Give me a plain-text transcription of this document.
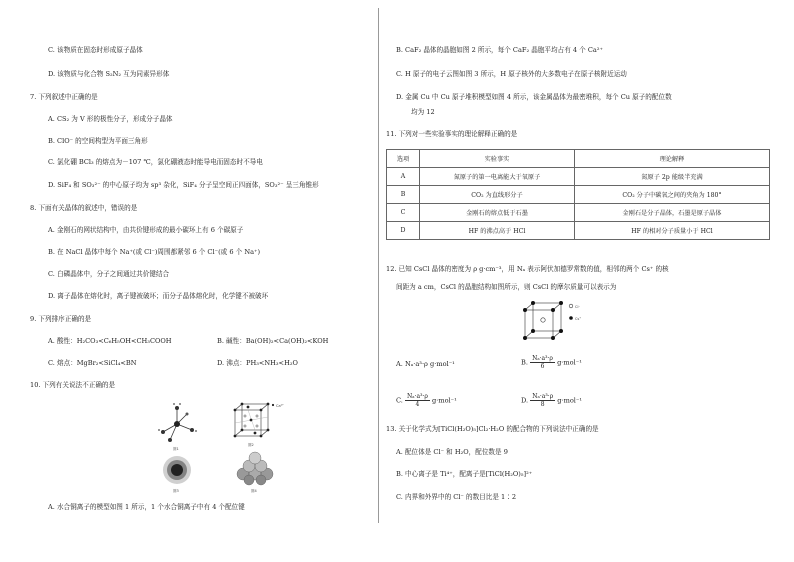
C. 该物质在固态时形成原子晶体
D. 该物质与化合物 S₂N₂ 互为同素异形体
7. 下列叙述中正确的是
A. CS₂ 为 V 形的极性分子，形成分子晶体
B. ClO⁻ 的空间构型为平面三角形
C. 氯化硼 BCl₃ 的熔点为－107 ℃，氯化硼液态时能导电而固态时不导电
D. SiF₄ 和 SO₃²⁻ 的中心原子均为 sp³ 杂化，SiF₄ 分子呈空间正四面体，SO₃²⁻ 呈三角锥形
8. 下面有关晶体的叙述中，错误的是
A. 金刚石的网状结构中，由共价键形成的最小碳环上有 6 个碳原子
B. 在 NaCl 晶体中每个 Na⁺(或 Cl⁻)周围都紧邻 6 个 Cl⁻(或 6 个 Na⁺)
C. 白磷晶体中，分子之间通过共价键结合
D. 离子晶体在熔化时，离子键被破坏；而分子晶体熔化时，化学键不被破坏
9. 下列排序正确的是
A. 酸性：H₂CO₃<C₆H₅OH<CH₃COOH	B. 碱性：Ba(OH)₂<Ca(OH)₂<KOH
C. 熔点：MgBr₂<SiCl₄<BN	D. 沸点：PH₃<NH₃<H₂O
10. 下列有关说法不正确的是
图1
Ca²⁺
图2
图3	图4
A. 水合铜离子的模型如图 1 所示，1 个水合铜离子中有 4 个配位键
B. CaF₂ 晶体的晶胞如图 2 所示，每个 CaF₂ 晶胞平均占有 4 个 Ca²⁺
C. H 原子的电子云图如图 3 所示，H 原子核外的大多数电子在原子核附近运动
D. 金属 Cu 中 Cu 原子堆积模型如图 4 所示，该金属晶体为最密堆积，每个 Cu 原子的配位数
均为 12
11. 下列对一些实验事实的理论解释正确的是
选项	实验事实	理论解释
A	氮原子的第一电离能大于氧原子	氮原子 2p 能级半充满
B	CO₂ 为直线形分子	CO₂ 分子中碳氧之间的夹角为 180°
C	金刚石的熔点低于石墨	金刚石是分子晶体，石墨是原子晶体
D	HF 的沸点高于 HCl	HF 的相对分子质量小于 HCl
12. 已知 CsCl 晶体的密度为 ρ g·cm⁻³，用 Nₐ 表示阿伏加德罗常数的值，相邻的两个 Cs⁺ 的核
间距为 a cm，CsCl 的晶胞结构如图所示，则 CsCl 的摩尔质量可以表示为
Cl⁻
Cs⁺
A. Nₐ·a³·ρ g·mol⁻¹	B. $\frac{\text{Nₐ·a³·ρ}}{6} g\cdot mol^{-1}$
C. $\frac{\text{Nₐ·a³·ρ}}{4} g\cdot mol^{-1}$	D. $\frac{\text{Nₐ·a³·ρ}}{8} g\cdot mol^{-1}$
13. 关于化学式为[TiCl(H₂O)₅]Cl₂·H₂O 的配合物的下列说法中正确的是
A. 配位体是 Cl⁻ 和 H₂O，配位数是 9
B. 中心离子是 Ti⁴⁺，配离子是[TiCl(H₂O)₅]²⁺
C. 内界和外界中的 Cl⁻ 的数目比是 1∶2
